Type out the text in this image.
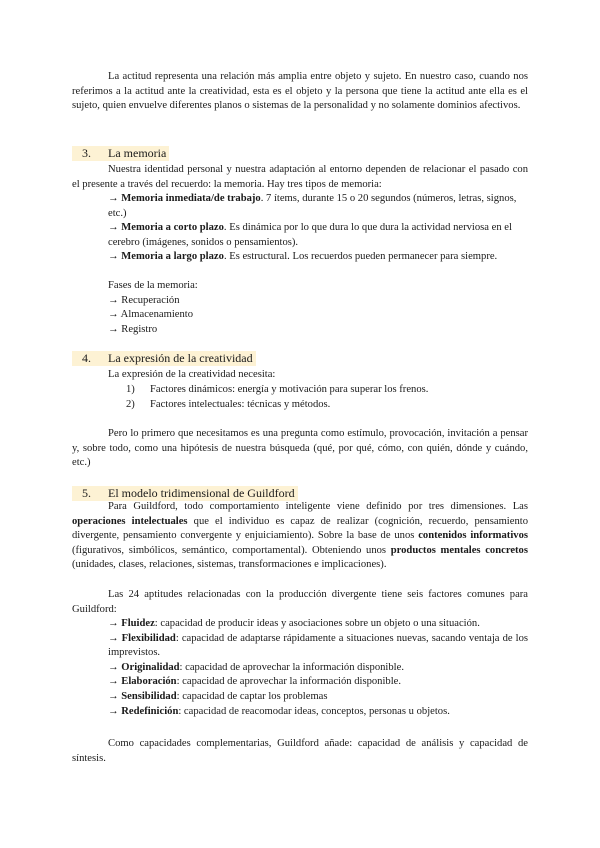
La actitud representa una relación más amplia entre objeto y sujeto. En nuestro caso, cuando nos referimos a la actitud ante la creatividad, esta es el objeto y la persona que tiene la actitud ante ella es el sujeto, quien envuelve diferentes planos o sistemas de la personalidad y no solamente dominios afectivos.

3. La memoria

Nuestra identidad personal y nuestra adaptación al entorno dependen de relacionar el pasado con el presente a través del recuerdo: la memoria. Hay tres tipos de memoria:

→ Memoria inmediata/de trabajo. 7 ítems, durante 15 o 20 segundos (números, letras, signos, etc.)
→ Memoria a corto plazo. Es dinámica por lo que dura lo que dura la actividad nerviosa en el cerebro (imágenes, sonidos o pensamientos).
→ Memoria a largo plazo. Es estructural. Los recuerdos pueden permanecer para siempre.
Fases de la memoria:
→ Recuperación
→ Almacenamiento
→ Registro
4. La expresión de la creatividad

La expresión de la creatividad necesita:

1) Factores dinámicos: energía y motivación para superar los frenos.
2) Factores intelectuales: técnicas y métodos.

Pero lo primero que necesitamos es una pregunta como estímulo, provocación, invitación a pensar y, sobre todo, como una hipótesis de nuestra búsqueda (qué, por qué, cómo, con quién, dónde y cuándo, etc.)

5. El modelo tridimensional de Guildford

Para Guildford, todo comportamiento inteligente viene definido por tres dimensiones. Las operaciones intelectuales que el individuo es capaz de realizar (cognición, recuerdo, pensamiento divergente, pensamiento convergente y enjuiciamiento). Sobre la base de unos contenidos informativos (figurativos, simbólicos, semántico, comportamental). Obteniendo unos productos mentales concretos (unidades, clases, relaciones, sistemas, transformaciones e implicaciones).

Las 24 aptitudes relacionadas con la producción divergente tiene seis factores comunes para Guildford:

→ Fluidez: capacidad de producir ideas y asociaciones sobre un objeto o una situación.
→ Flexibilidad: capacidad de adaptarse rápidamente a situaciones nuevas, sacando ventaja de los imprevistos.
→ Originalidad: capacidad de aprovechar la información disponible.
→ Elaboración: capacidad de aprovechar la información disponible.
→ Sensibilidad: capacidad de captar los problemas
→ Redefinición: capacidad de reacomodar ideas, conceptos, personas u objetos.

Como capacidades complementarias, Guildford añade: capacidad de análisis y capacidad de síntesis.
